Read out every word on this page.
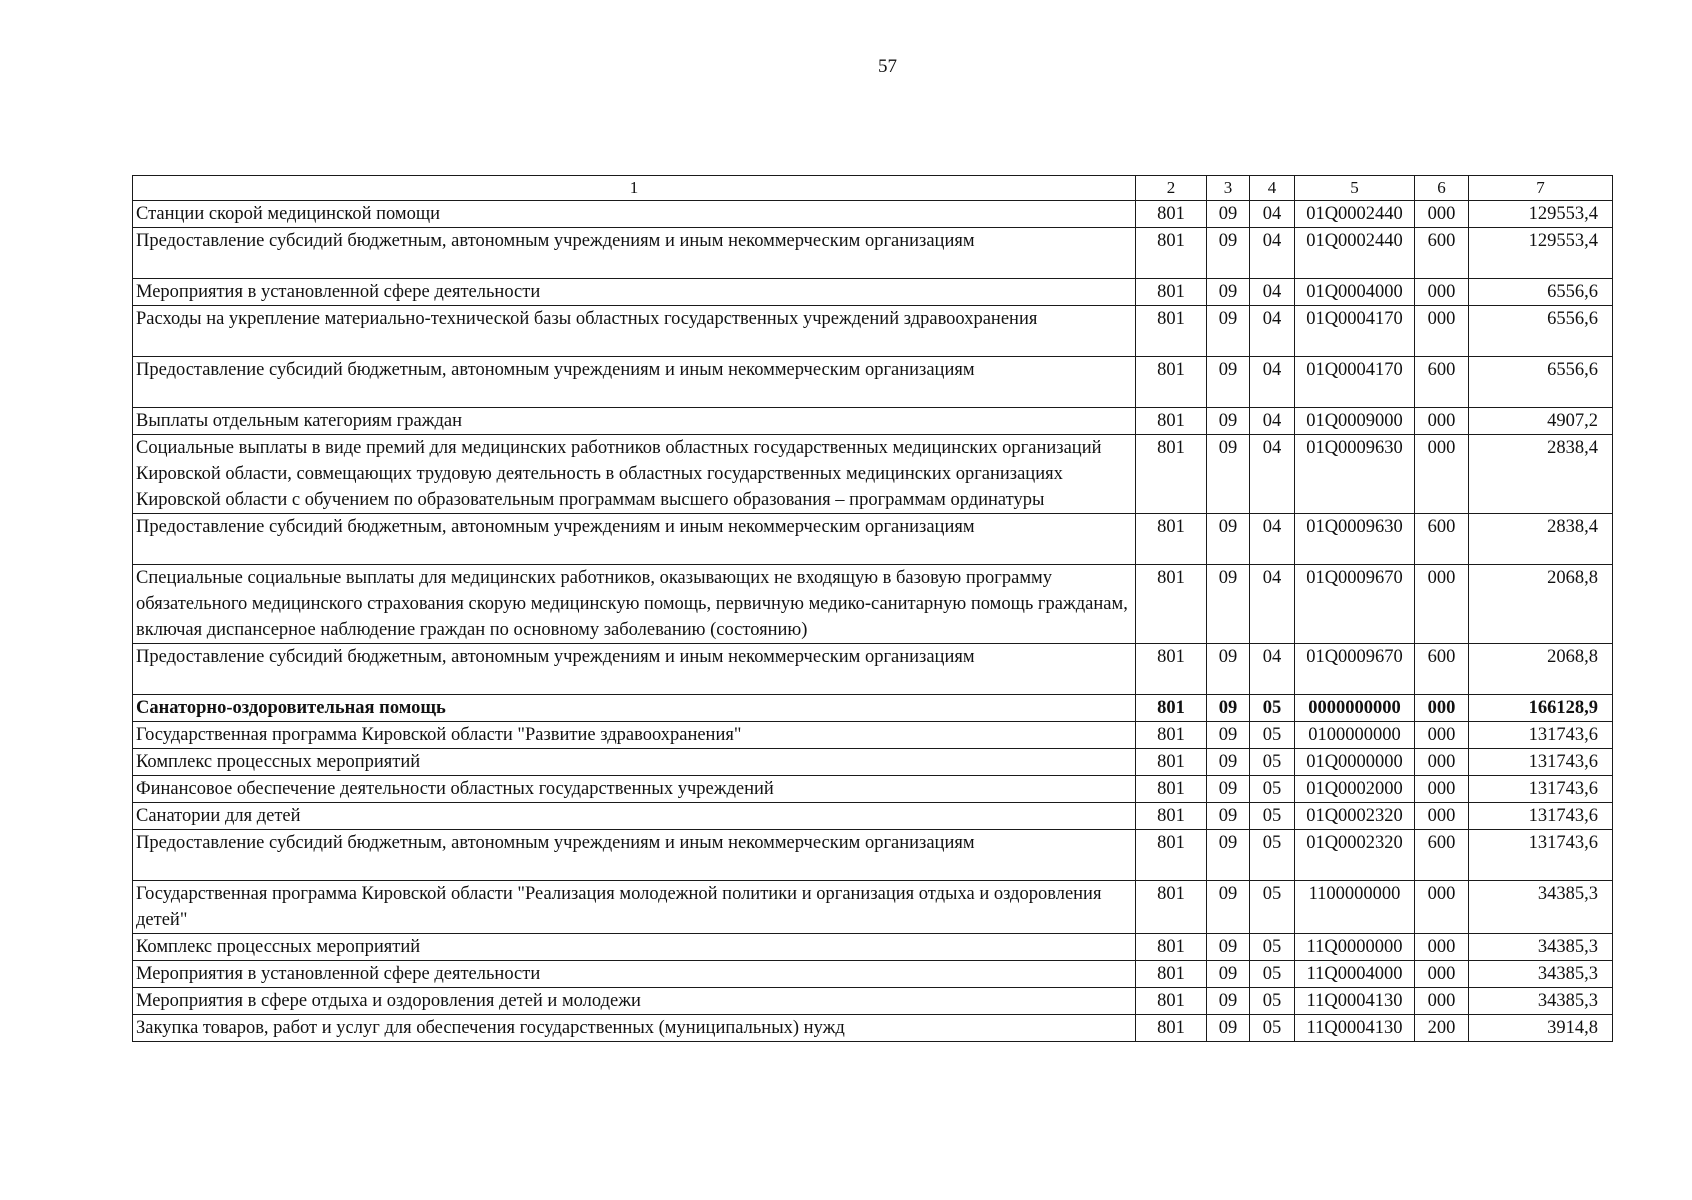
57
1	2	3	4	5	6	7
Станции скорой медицинской помощи	801	09	04	01Q0002440	000	129553,4
Предоставление субсидий бюджетным, автономным учреждениям и иным некоммерческим организациям	801	09	04	01Q0002440	600	129553,4
Мероприятия в установленной сфере деятельности	801	09	04	01Q0004000	000	6556,6
Расходы на укрепление материально-технической базы областных государственных учреждений здравоохранения	801	09	04	01Q0004170	000	6556,6
Предоставление субсидий бюджетным, автономным учреждениям и иным некоммерческим организациям	801	09	04	01Q0004170	600	6556,6
Выплаты отдельным категориям граждан	801	09	04	01Q0009000	000	4907,2
Социальные выплаты в виде премий для медицинских работников областных государственных медицинских организаций Кировской области, совмещающих трудовую деятельность в областных государственных медицинских организациях Кировской области с обучением по образовательным программам высшего образования – программам ординатуры	801	09	04	01Q0009630	000	2838,4
Предоставление субсидий бюджетным, автономным учреждениям и иным некоммерческим организациям	801	09	04	01Q0009630	600	2838,4
Специальные социальные выплаты для медицинских работников, оказывающих не входящую в базовую программу обязательного медицинского страхования скорую медицинскую помощь, первичную медико-санитарную помощь гражданам, включая диспансерное наблюдение граждан по основному заболеванию (состоянию)	801	09	04	01Q0009670	000	2068,8
Предоставление субсидий бюджетным, автономным учреждениям и иным некоммерческим организациям	801	09	04	01Q0009670	600	2068,8
Санаторно-оздоровительная помощь	801	09	05	0000000000	000	166128,9
Государственная программа Кировской области "Развитие здравоохранения"	801	09	05	0100000000	000	131743,6
Комплекс процессных мероприятий	801	09	05	01Q0000000	000	131743,6
Финансовое обеспечение деятельности областных государственных учреждений	801	09	05	01Q0002000	000	131743,6
Санатории для детей	801	09	05	01Q0002320	000	131743,6
Предоставление субсидий бюджетным, автономным учреждениям и иным некоммерческим организациям	801	09	05	01Q0002320	600	131743,6
Государственная программа Кировской области "Реализация молодежной политики и организация отдыха и оздоровления детей"	801	09	05	1100000000	000	34385,3
Комплекс процессных мероприятий	801	09	05	11Q0000000	000	34385,3
Мероприятия в установленной сфере деятельности	801	09	05	11Q0004000	000	34385,3
Мероприятия в сфере отдыха и оздоровления детей и молодежи	801	09	05	11Q0004130	000	34385,3
Закупка товаров, работ и услуг для обеспечения государственных (муниципальных) нужд	801	09	05	11Q0004130	200	3914,8
